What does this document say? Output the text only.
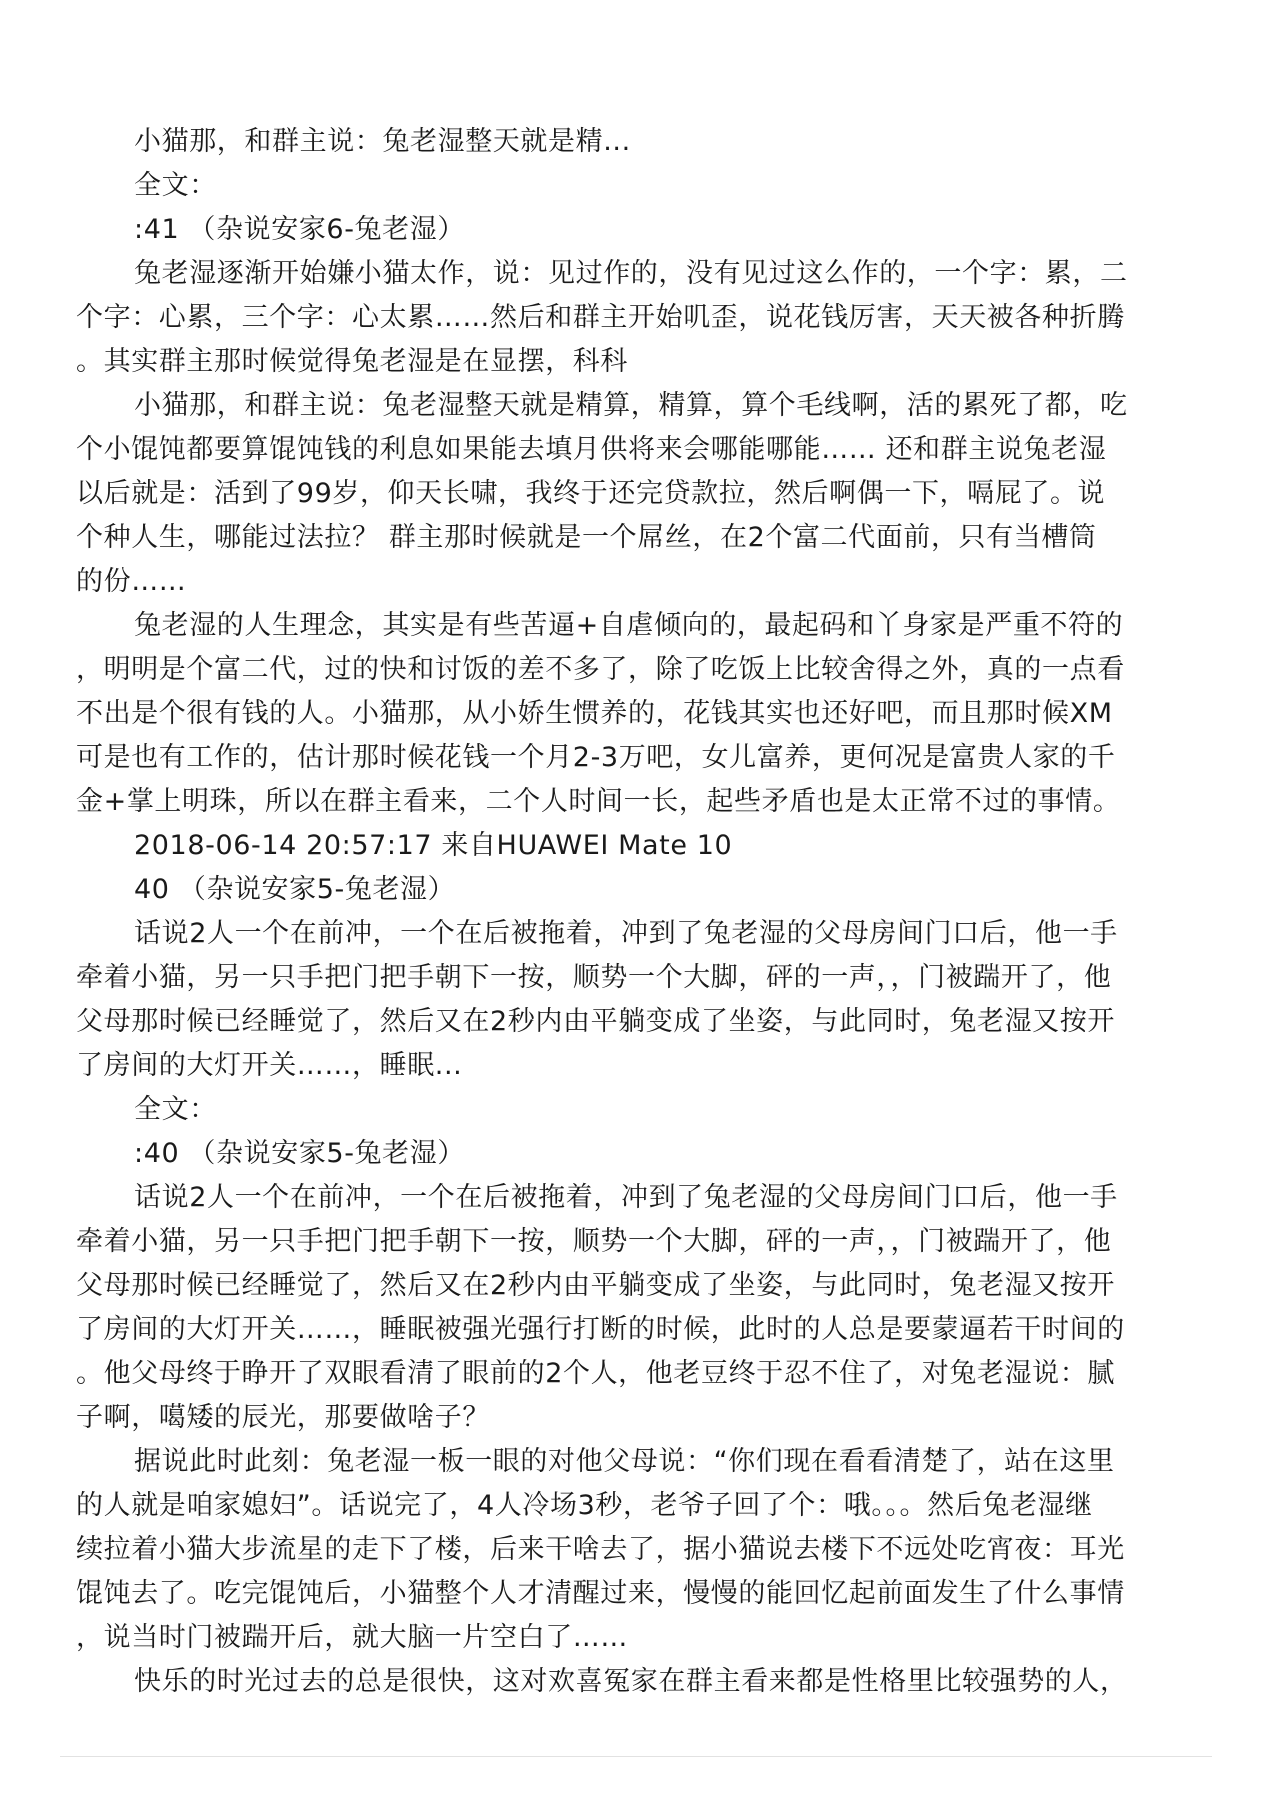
小猫那，和群主说：兔老湿整天就是精...
全文：
:41 （杂说安家6-兔老湿）
兔老湿逐渐开始嫌小猫太作，说：见过作的，没有见过这么作的，一个字：累，二
个字：心累，三个字：心太累……然后和群主开始叽歪，说花钱厉害，天天被各种折腾
。其实群主那时候觉得兔老湿是在显摆，科科
小猫那，和群主说：兔老湿整天就是精算，精算，算个毛线啊，活的累死了都，吃
个小馄饨都要算馄饨钱的利息如果能去填月供将来会哪能哪能…… 还和群主说兔老湿
以后就是：活到了99岁，仰天长啸，我终于还完贷款拉，然后啊偶一下，嗝屁了。说
个种人生，哪能过法拉？ 群主那时候就是一个屌丝，在2个富二代面前，只有当槽筒
的份……
兔老湿的人生理念，其实是有些苦逼+自虐倾向的，最起码和丫身家是严重不符的
，明明是个富二代，过的快和讨饭的差不多了，除了吃饭上比较舍得之外，真的一点看
不出是个很有钱的人。小猫那，从小娇生惯养的，花钱其实也还好吧，而且那时候XM
可是也有工作的，估计那时候花钱一个月2-3万吧，女儿富养，更何况是富贵人家的千
金+掌上明珠，所以在群主看来，二个人时间一长，起些矛盾也是太正常不过的事情。
2018-06-14 20:57:17 来自HUAWEI Mate 10
40 （杂说安家5-兔老湿）
话说2人一个在前冲，一个在后被拖着，冲到了兔老湿的父母房间门口后，他一手
牵着小猫，另一只手把门把手朝下一按，顺势一个大脚，砰的一声，，门被踹开了，他
父母那时候已经睡觉了，然后又在2秒内由平躺变成了坐姿，与此同时，兔老湿又按开
了房间的大灯开关……，睡眠...
全文：
:40 （杂说安家5-兔老湿）
话说2人一个在前冲，一个在后被拖着，冲到了兔老湿的父母房间门口后，他一手
牵着小猫，另一只手把门把手朝下一按，顺势一个大脚，砰的一声，，门被踹开了，他
父母那时候已经睡觉了，然后又在2秒内由平躺变成了坐姿，与此同时，兔老湿又按开
了房间的大灯开关……，睡眠被强光强行打断的时候，此时的人总是要蒙逼若干时间的
。他父母终于睁开了双眼看清了眼前的2个人，他老豆终于忍不住了，对兔老湿说：腻
子啊，噶矮的辰光，那要做啥子？
据说此时此刻：兔老湿一板一眼的对他父母说：“你们现在看看清楚了，站在这里
的人就是咱家媳妇”。话说完了，4人冷场3秒，老爷子回了个：哦。。。然后兔老湿继
续拉着小猫大步流星的走下了楼，后来干啥去了，据小猫说去楼下不远处吃宵夜：耳光
馄饨去了。吃完馄饨后，小猫整个人才清醒过来，慢慢的能回忆起前面发生了什么事情
，说当时门被踹开后，就大脑一片空白了……
快乐的时光过去的总是很快，这对欢喜冤家在群主看来都是性格里比较强势的人，
